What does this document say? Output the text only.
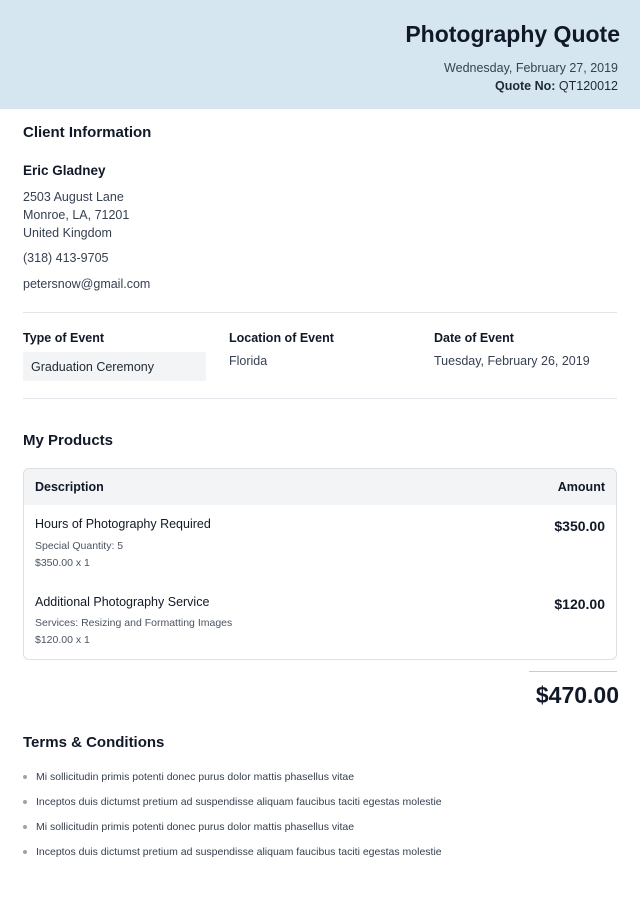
Photography Quote
Wednesday, February 27, 2019
Quote No: QT120012
Client Information
Eric Gladney
2503 August Lane
Monroe, LA, 71201
United Kingdom
(318) 413-9705
petersnow@gmail.com
Type of Event
Graduation Ceremony
Location of Event
Florida
Date of Event
Tuesday, February 26, 2019
My Products
Description	Amount
Hours of Photography Required
Special Quantity: 5
$350.00 x 1
$350.00
Additional Photography Service
Services: Resizing and Formatting Images
$120.00 x 1
$120.00
$470.00
Terms & Conditions
Mi sollicitudin primis potenti donec purus dolor mattis phasellus vitae
Inceptos duis dictumst pretium ad suspendisse aliquam faucibus taciti egestas molestie
Mi sollicitudin primis potenti donec purus dolor mattis phasellus vitae
Inceptos duis dictumst pretium ad suspendisse aliquam faucibus taciti egestas molestie
